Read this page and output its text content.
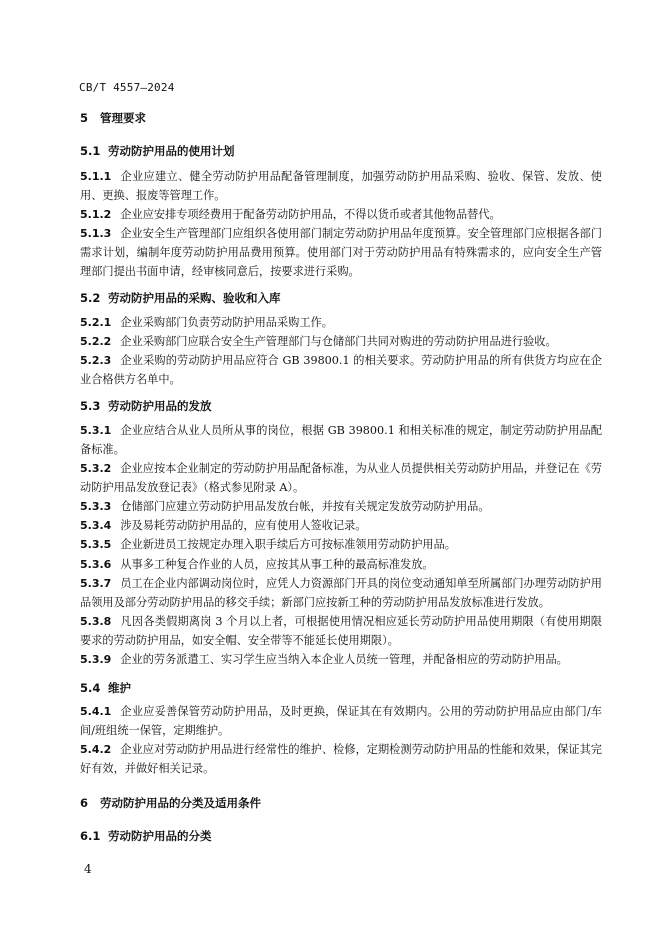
CB/T 4557—2024
5 管理要求
5.1 劳动防护用品的使用计划
5.1.1 企业应建立、健全劳动防护用品配备管理制度，加强劳动防护用品采购、验收、保管、发放、使用、更换、报废等管理工作。
5.1.2 企业应安排专项经费用于配备劳动防护用品，不得以货币或者其他物品替代。
5.1.3 企业安全生产管理部门应组织各使用部门制定劳动防护用品年度预算。安全管理部门应根据各部门需求计划，编制年度劳动防护用品费用预算。使用部门对于劳动防护用品有特殊需求的，应向安全生产管理部门提出书面申请，经审核同意后，按要求进行采购。
5.2 劳动防护用品的采购、验收和入库
5.2.1 企业采购部门负责劳动防护用品采购工作。
5.2.2 企业采购部门应联合安全生产管理部门与仓储部门共同对购进的劳动防护用品进行验收。
5.2.3 企业采购的劳动防护用品应符合 GB 39800.1 的相关要求。劳动防护用品的所有供货方均应在企业合格供方名单中。
5.3 劳动防护用品的发放
5.3.1 企业应结合从业人员所从事的岗位，根据 GB 39800.1 和相关标准的规定，制定劳动防护用品配备标准。
5.3.2 企业应按本企业制定的劳动防护用品配备标准，为从业人员提供相关劳动防护用品，并登记在《劳动防护用品发放登记表》（格式参见附录 A）。
5.3.3 仓储部门应建立劳动防护用品发放台帐，并按有关规定发放劳动防护用品。
5.3.4 涉及易耗劳动防护用品的，应有使用人签收记录。
5.3.5 企业新进员工按规定办理入职手续后方可按标准领用劳动防护用品。
5.3.6 从事多工种复合作业的人员，应按其从事工种的最高标准发放。
5.3.7 员工在企业内部调动岗位时，应凭人力资源部门开具的岗位变动通知单至所属部门办理劳动防护用品领用及部分劳动防护用品的移交手续；新部门应按新工种的劳动防护用品发放标准进行发放。
5.3.8 凡因各类假期离岗 3 个月以上者，可根据使用情况相应延长劳动防护用品使用期限（有使用期限要求的劳动防护用品，如安全帽、安全带等不能延长使用期限）。
5.3.9 企业的劳务派遣工、实习学生应当纳入本企业人员统一管理，并配备相应的劳动防护用品。
5.4 维护
5.4.1 企业应妥善保管劳动防护用品，及时更换，保证其在有效期内。公用的劳动防护用品应由部门/车间/班组统一保管，定期维护。
5.4.2 企业应对劳动防护用品进行经常性的维护、检修，定期检测劳动防护用品的性能和效果，保证其完好有效，并做好相关记录。
6 劳动防护用品的分类及适用条件
6.1 劳动防护用品的分类
4
